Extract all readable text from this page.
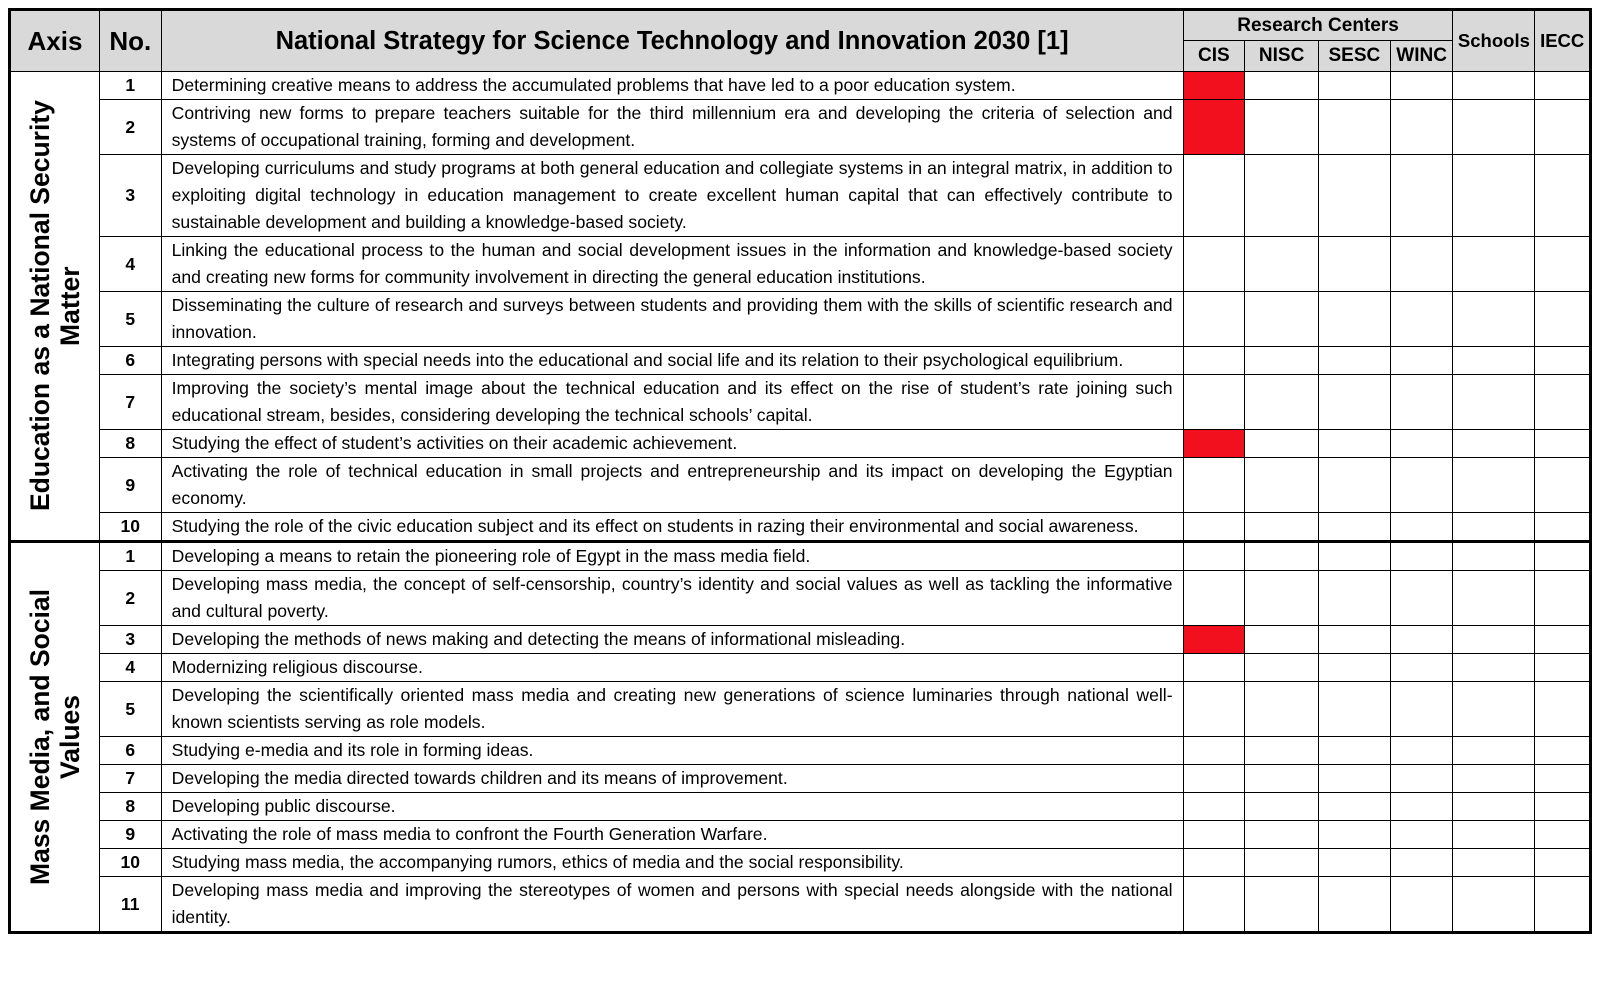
Axis	No.	National Strategy for Science Technology and Innovation 2030 [1]	Research Centers				Schools	IECC
			CIS	NISC	SESC	WINC		

Education as a National Security Matter	1	Determining creative means to address the accumulated problems that have led to a poor education system.						
	2	Contriving new forms to prepare teachers suitable for the third millennium era and developing the criteria of selection and systems of occupational training, forming and development.						
	3	Developing curriculums and study programs at both general education and collegiate systems in an integral matrix, in addition to exploiting digital technology in education management to create excellent human capital that can effectively contribute to sustainable development and building a knowledge-based society.						
	4	Linking the educational process to the human and social development issues in the information and knowledge-based society and creating new forms for community involvement in directing the general education institutions.						
	5	Disseminating the culture of research and surveys between students and providing them with the skills of scientific research and innovation.						
	6	Integrating persons with special needs into the educational and social life and its relation to their psychological equilibrium.						
	7	Improving the society’s mental image about the technical education and its effect on the rise of student’s rate joining such educational stream, besides, considering developing the technical schools’ capital.						
	8	Studying the effect of student’s activities on their academic achievement.						
	9	Activating the role of technical education in small projects and entrepreneurship and its impact on developing the Egyptian economy.						
	10	Studying the role of the civic education subject and its effect on students in razing their environmental and social awareness.						

Mass Media, and Social Values	1	Developing a means to retain the pioneering role of Egypt in the mass media field.						
	2	Developing mass media, the concept of self-censorship, country’s identity and social values as well as tackling the informative and cultural poverty.						
	3	Developing the methods of news making and detecting the means of informational misleading.						
	4	Modernizing religious discourse.						
	5	Developing the scientifically oriented mass media and creating new generations of science luminaries through national well-known scientists serving as role models.						
	6	Studying e-media and its role in forming ideas.						
	7	Developing the media directed towards children and its means of improvement.						
	8	Developing public discourse.						
	9	Activating the role of mass media to confront the Fourth Generation Warfare.						
	10	Studying mass media, the accompanying rumors, ethics of media and the social responsibility.						
	11	Developing mass media and improving the stereotypes of women and persons with special needs alongside with the national identity.						
